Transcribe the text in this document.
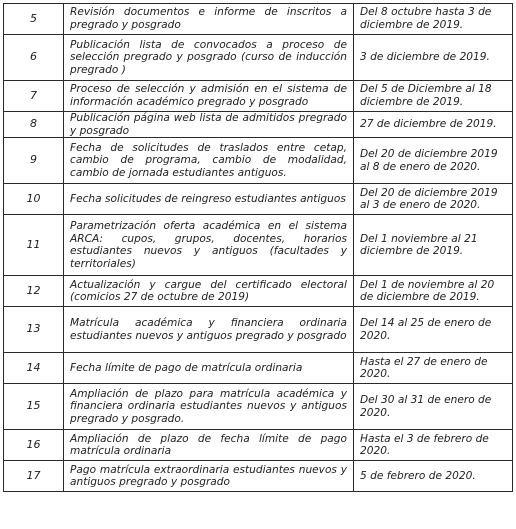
5	Revisión documentos e informe de inscritos a pregrado y posgrado	Del 8 octubre hasta 3 de diciembre de 2019.
6	Publicación lista de convocados a proceso de selección pregrado y posgrado (curso de inducción pregrado )	3 de diciembre de 2019.
7	Proceso de selección y admisión en el sistema de información académico pregrado y posgrado	Del 5 de Diciembre al 18 diciembre de 2019.
8	Publicación página web lista de admitidos pregrado y posgrado	27 de diciembre de 2019.
9	Fecha de solicitudes de traslados entre cetap, cambio de programa, cambio de modalidad, cambio de jornada estudiantes antiguos.	Del 20 de diciembre 2019 al 8 de enero de 2020.
10	Fecha solicitudes de reingreso estudiantes antiguos	Del 20 de diciembre 2019 al 3 de enero de 2020.
11	Parametrización oferta académica en el sistema ARCA: cupos, grupos, docentes, horarios estudiantes nuevos y antiguos (facultades y territoriales)	Del 1 noviembre al 21 diciembre de 2019.
12	Actualización y cargue del certificado electoral (comicios 27 de octubre de 2019)	Del 1 de noviembre al 20 de diciembre de 2019.
13	Matrícula académica y financiera ordinaria estudiantes nuevos y antiguos pregrado y posgrado	Del 14 al 25 de enero de 2020.
14	Fecha límite de pago de matrícula ordinaria	Hasta el 27 de enero de 2020.
15	Ampliación de plazo para matrícula académica y financiera ordinaria estudiantes nuevos y antiguos pregrado y posgrado.	Del 30 al 31 de enero de 2020.
16	Ampliación de plazo de fecha límite de pago matrícula ordinaria	Hasta el 3 de febrero de 2020.
17	Pago matrícula extraordinaria estudiantes nuevos y antiguos pregrado y posgrado	5 de febrero de 2020.
